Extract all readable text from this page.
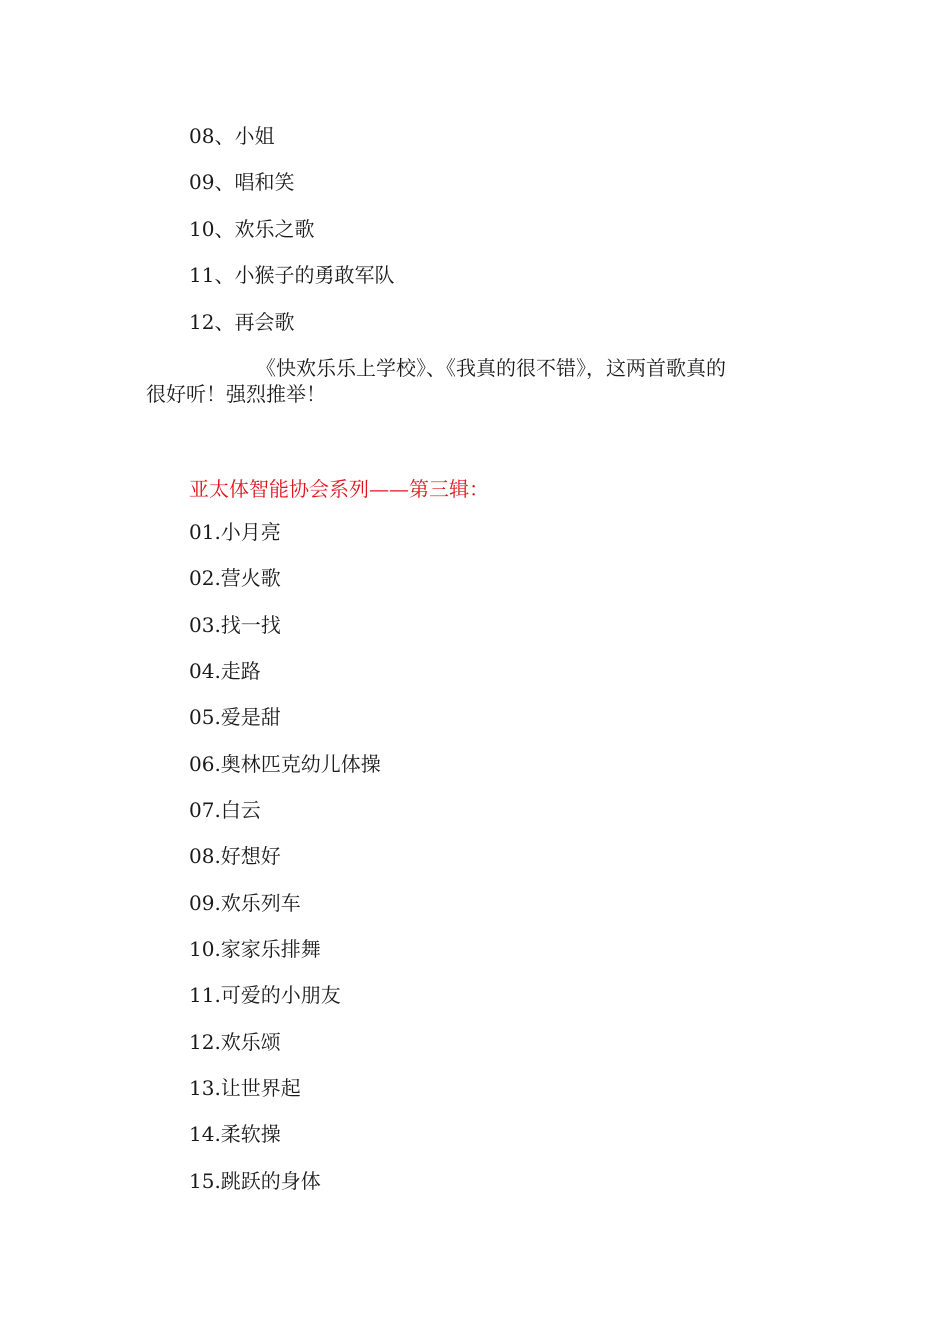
08、小姐
09、唱和笑
10、欢乐之歌
11、小猴子的勇敢军队
12、再会歌
《快欢乐乐上学校》、《我真的很不错》，这两首歌真的
很好听！强烈推举！
亚太体智能协会系列——第三辑：
01.小月亮
02.营火歌
03.找一找
04.走路
05.爱是甜
06.奥林匹克幼儿体操
07.白云
08.好想好
09.欢乐列车
10.家家乐排舞
11.可爱的小朋友
12.欢乐颂
13.让世界起
14.柔软操
15.跳跃的身体
